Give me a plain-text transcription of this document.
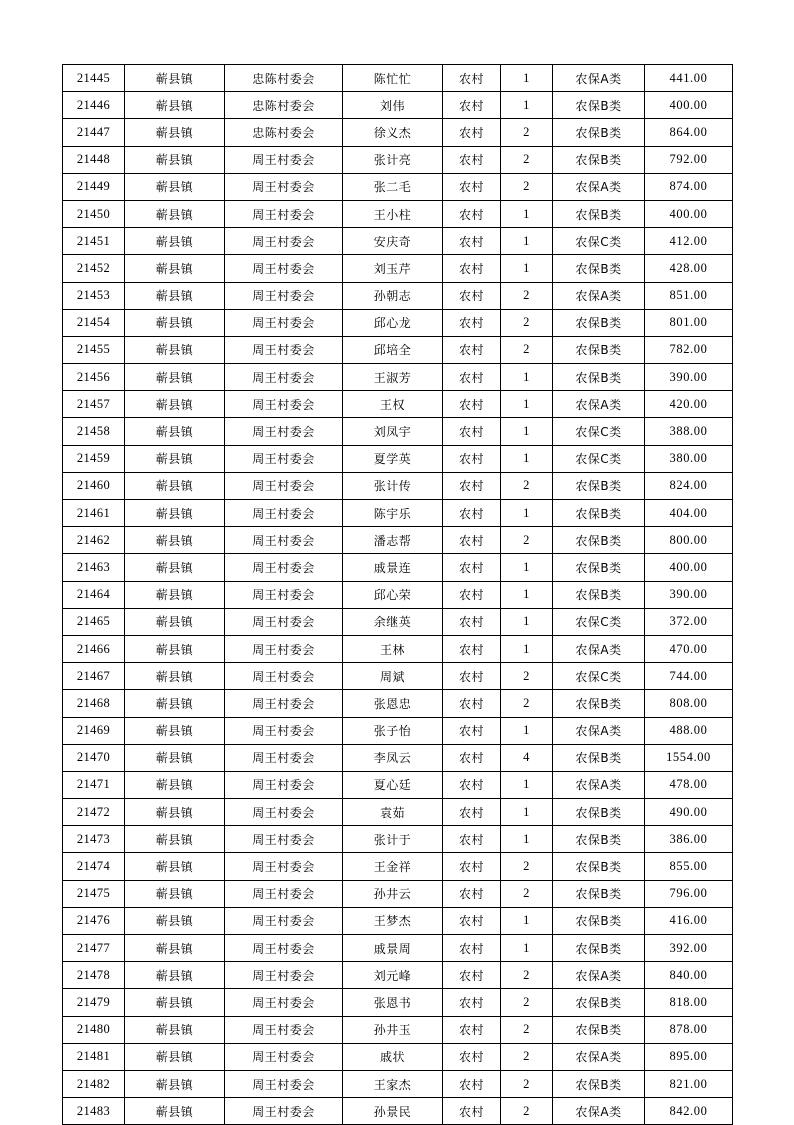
21445	蕲县镇	忠陈村委会	陈忙忙	农村	1	农保A类	441.00
21446	蕲县镇	忠陈村委会	刘伟	农村	1	农保B类	400.00
21447	蕲县镇	忠陈村委会	徐义杰	农村	2	农保B类	864.00
21448	蕲县镇	周王村委会	张计亮	农村	2	农保B类	792.00
21449	蕲县镇	周王村委会	张二毛	农村	2	农保A类	874.00
21450	蕲县镇	周王村委会	王小柱	农村	1	农保B类	400.00
21451	蕲县镇	周王村委会	安庆奇	农村	1	农保C类	412.00
21452	蕲县镇	周王村委会	刘玉芹	农村	1	农保B类	428.00
21453	蕲县镇	周王村委会	孙朝志	农村	2	农保A类	851.00
21454	蕲县镇	周王村委会	邱心龙	农村	2	农保B类	801.00
21455	蕲县镇	周王村委会	邱培全	农村	2	农保B类	782.00
21456	蕲县镇	周王村委会	王淑芳	农村	1	农保B类	390.00
21457	蕲县镇	周王村委会	王权	农村	1	农保A类	420.00
21458	蕲县镇	周王村委会	刘凤宇	农村	1	农保C类	388.00
21459	蕲县镇	周王村委会	夏学英	农村	1	农保C类	380.00
21460	蕲县镇	周王村委会	张计传	农村	2	农保B类	824.00
21461	蕲县镇	周王村委会	陈宇乐	农村	1	农保B类	404.00
21462	蕲县镇	周王村委会	潘志帮	农村	2	农保B类	800.00
21463	蕲县镇	周王村委会	戚景连	农村	1	农保B类	400.00
21464	蕲县镇	周王村委会	邱心荣	农村	1	农保B类	390.00
21465	蕲县镇	周王村委会	余继英	农村	1	农保C类	372.00
21466	蕲县镇	周王村委会	王林	农村	1	农保A类	470.00
21467	蕲县镇	周王村委会	周斌	农村	2	农保C类	744.00
21468	蕲县镇	周王村委会	张恩忠	农村	2	农保B类	808.00
21469	蕲县镇	周王村委会	张子怡	农村	1	农保A类	488.00
21470	蕲县镇	周王村委会	李凤云	农村	4	农保B类	1554.00
21471	蕲县镇	周王村委会	夏心廷	农村	1	农保A类	478.00
21472	蕲县镇	周王村委会	袁茹	农村	1	农保B类	490.00
21473	蕲县镇	周王村委会	张计于	农村	1	农保B类	386.00
21474	蕲县镇	周王村委会	王金祥	农村	2	农保B类	855.00
21475	蕲县镇	周王村委会	孙井云	农村	2	农保B类	796.00
21476	蕲县镇	周王村委会	王梦杰	农村	1	农保B类	416.00
21477	蕲县镇	周王村委会	戚景周	农村	1	农保B类	392.00
21478	蕲县镇	周王村委会	刘元峰	农村	2	农保A类	840.00
21479	蕲县镇	周王村委会	张恩书	农村	2	农保B类	818.00
21480	蕲县镇	周王村委会	孙井玉	农村	2	农保B类	878.00
21481	蕲县镇	周王村委会	戚状	农村	2	农保A类	895.00
21482	蕲县镇	周王村委会	王家杰	农村	2	农保B类	821.00
21483	蕲县镇	周王村委会	孙景民	农村	2	农保A类	842.00
